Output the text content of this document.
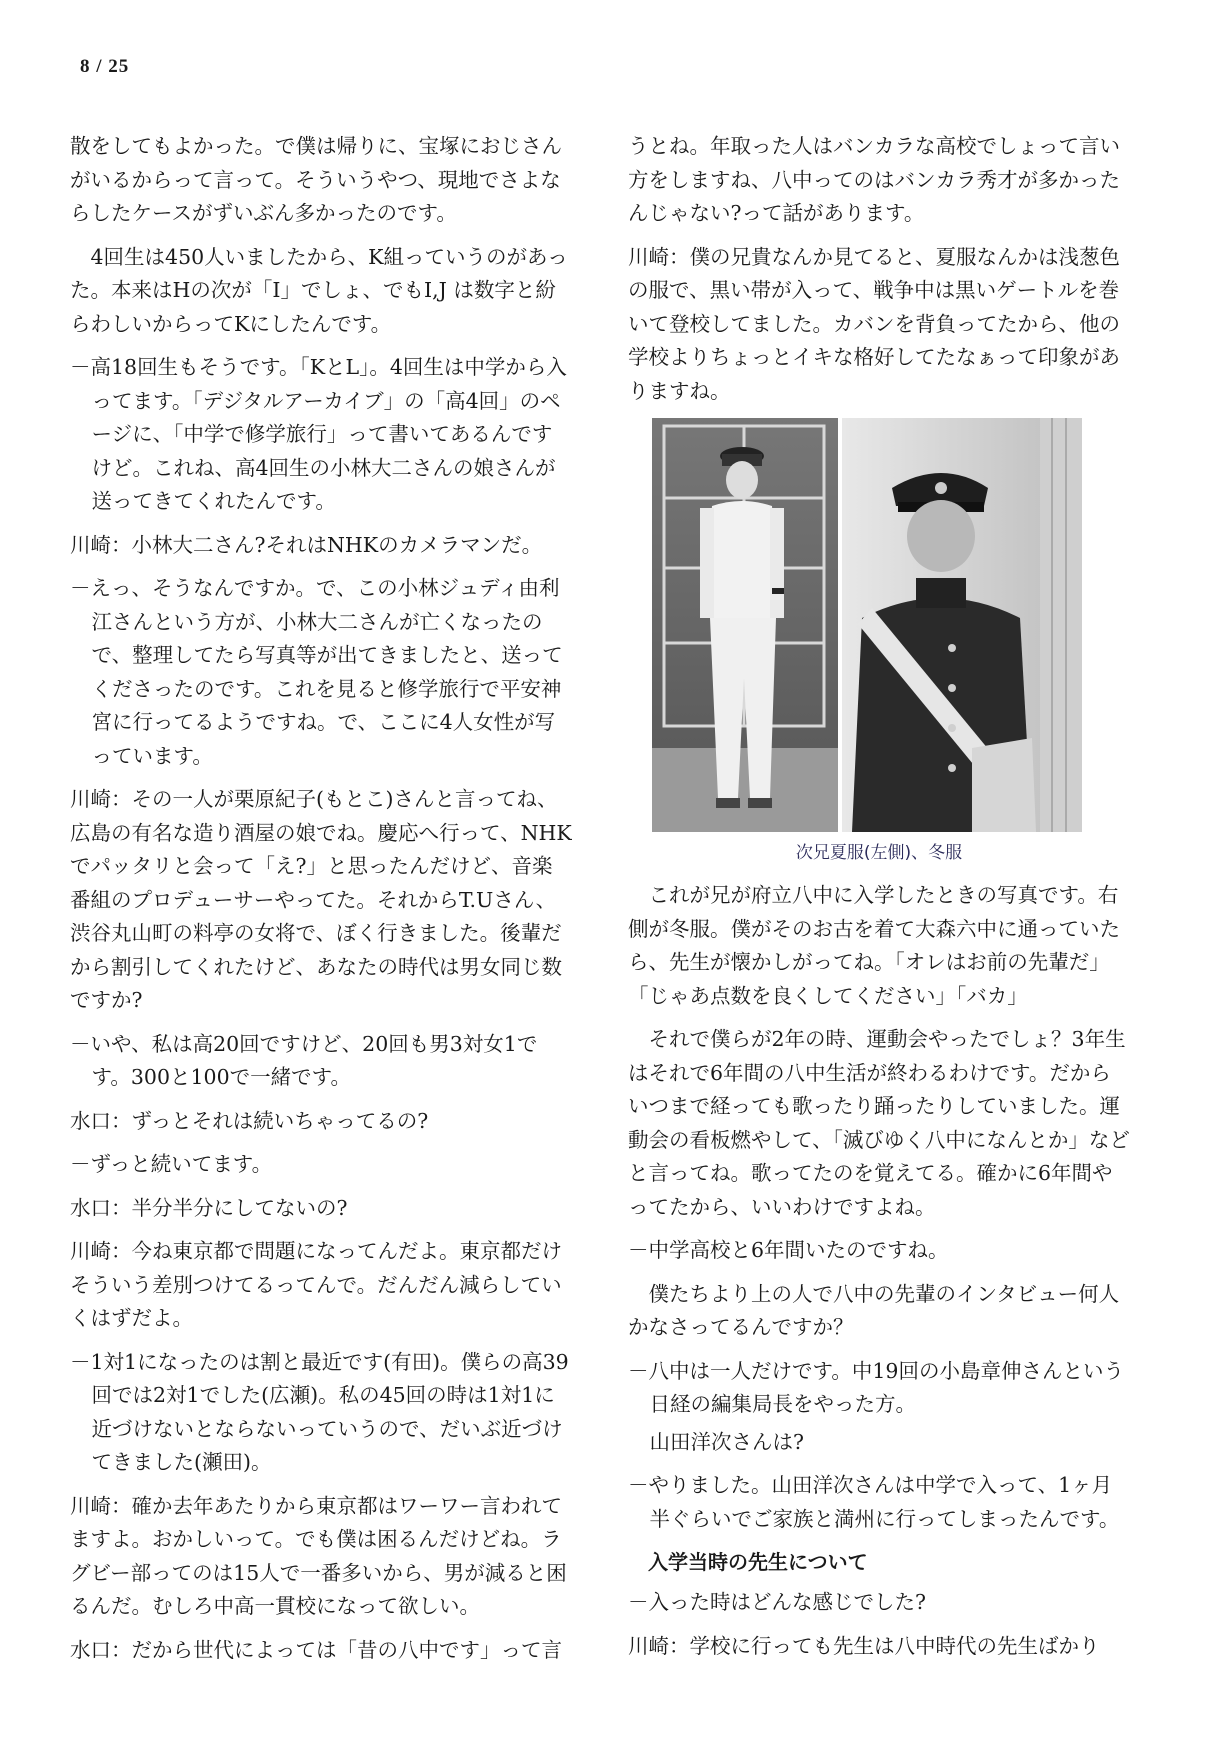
8 / 25

散をしてもよかった。で僕は帰りに、宝塚におじさんがいるからって言って。そういうやつ、現地でさよならしたケースがずいぶん多かったのです。

4回生は450人いましたから、K組っていうのがあった。本来はHの次が「I」でしょ、でもI,J は数字と紛らわしいからってKにしたんです。

－高18回生もそうです。「KとL」。4回生は中学から入ってます。「デジタルアーカイブ」の「高4回」のページに、「中学で修学旅行」って書いてあるんですけど。これね、高4回生の小林大二さんの娘さんが送ってきてくれたんです。

川崎：小林大二さん?それはNHKのカメラマンだ。

－えっ、そうなんですか。で、この小林ジュディ由利江さんという方が、小林大二さんが亡くなったので、整理してたら写真等が出てきましたと、送ってくださったのです。これを見ると修学旅行で平安神宮に行ってるようですね。で、ここに4人女性が写っています。

川崎：その一人が栗原紀子(もとこ)さんと言ってね、広島の有名な造り酒屋の娘でね。慶応へ行って、NHKでパッタリと会って「え?」と思ったんだけど、音楽番組のプロデューサーやってた。それからT.Uさん、渋谷丸山町の料亭の女将で、ぼく行きました。後輩だから割引してくれたけど、あなたの時代は男女同じ数ですか?

－いや、私は高20回ですけど、20回も男3対女1です。300と100で一緒です。

水口：ずっとそれは続いちゃってるの?

－ずっと続いてます。

水口：半分半分にしてないの?

川崎：今ね東京都で問題になってんだよ。東京都だけそういう差別つけてるってんで。だんだん減らしていくはずだよ。

－1対1になったのは割と最近です(有田)。僕らの高39回では2対1でした(広瀬)。私の45回の時は1対1に近づけないとならないっていうので、だいぶ近づけてきました(瀬田)。

川崎：確か去年あたりから東京都はワーワー言われてますよ。おかしいって。でも僕は困るんだけどね。ラグビー部ってのは15人で一番多いから、男が減ると困るんだ。むしろ中高一貫校になって欲しい。

水口：だから世代によっては「昔の八中です」って言

うとね。年取った人はバンカラな高校でしょって言い方をしますね、八中ってのはバンカラ秀才が多かったんじゃない?って話があります。

川崎：僕の兄貴なんか見てると、夏服なんかは浅葱色の服で、黒い帯が入って、戦争中は黒いゲートルを巻いて登校してました。カバンを背負ってたから、他の学校よりちょっとイキな格好してたなぁって印象がありますね。

次兄夏服(左側)、冬服

これが兄が府立八中に入学したときの写真です。右側が冬服。僕がそのお古を着て大森六中に通っていたら、先生が懐かしがってね。「オレはお前の先輩だ」「じゃあ点数を良くしてください」「バカ」

それで僕らが2年の時、運動会やったでしょ？3年生はそれで6年間の八中生活が終わるわけです。だからいつまで経っても歌ったり踊ったりしていました。運動会の看板燃やして、「滅びゆく八中になんとか」などと言ってね。歌ってたのを覚えてる。確かに6年間やってたから、いいわけですよね。

－中学高校と6年間いたのですね。

僕たちより上の人で八中の先輩のインタビュー何人かなさってるんですか？

－八中は一人だけです。中19回の小島章伸さんという日経の編集局長をやった方。

山田洋次さんは?

－やりました。山田洋次さんは中学で入って、1ヶ月半ぐらいでご家族と満州に行ってしまったんです。

入学当時の先生について

－入った時はどんな感じでした?

川崎：学校に行っても先生は八中時代の先生ばかり
